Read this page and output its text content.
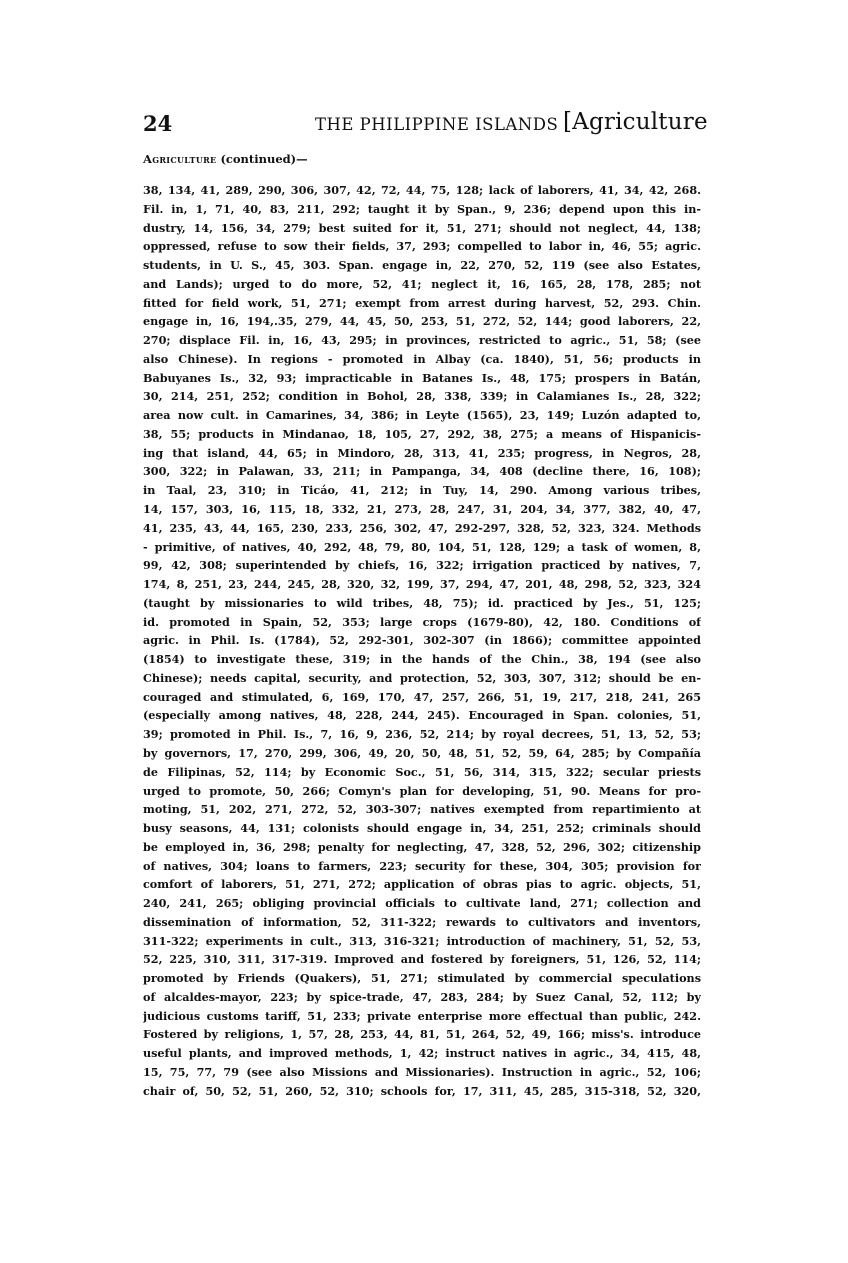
24	THE PHILIPPINE ISLANDS [Agriculture
Agriculture (continued)—
38, 134, 41, 289, 290, 306, 307, 42, 72, 44, 75, 128; lack of laborers, 41, 34, 42, 268.
Fil. in, 1, 71, 40, 83, 211, 292; taught it by Span., 9, 236; depend upon this in-
dustry, 14, 156, 34, 279; best suited for it, 51, 271; should not neglect, 44, 138;
oppressed, refuse to sow their fields, 37, 293; compelled to labor in, 46, 55; agric.
students, in U. S., 45, 303. Span. engage in, 22, 270, 52, 119 (see also Estates,
and Lands); urged to do more, 52, 41; neglect it, 16, 165, 28, 178, 285; not
fitted for field work, 51, 271; exempt from arrest during harvest, 52, 293. Chin.
engage in, 16, 194,.35, 279, 44, 45, 50, 253, 51, 272, 52, 144; good laborers, 22,
270; displace Fil. in, 16, 43, 295; in provinces, restricted to agric., 51, 58; (see
also Chinese). In regions - promoted in Albay (ca. 1840), 51, 56; products in
Babuyanes Is., 32, 93; impracticable in Batanes Is., 48, 175; prospers in Batán,
30, 214, 251, 252; condition in Bohol, 28, 338, 339; in Calamianes Is., 28, 322;
area now cult. in Camarines, 34, 386; in Leyte (1565), 23, 149; Luzón adapted to,
38, 55; products in Mindanao, 18, 105, 27, 292, 38, 275; a means of Hispanicis-
ing that island, 44, 65; in Mindoro, 28, 313, 41, 235; progress, in Negros, 28,
300, 322; in Palawan, 33, 211; in Pampanga, 34, 408 (decline there, 16, 108);
in Taal, 23, 310; in Ticáo, 41, 212; in Tuy, 14, 290. Among various tribes,
14, 157, 303, 16, 115, 18, 332, 21, 273, 28, 247, 31, 204, 34, 377, 382, 40, 47,
41, 235, 43, 44, 165, 230, 233, 256, 302, 47, 292-297, 328, 52, 323, 324. Methods
- primitive, of natives, 40, 292, 48, 79, 80, 104, 51, 128, 129; a task of women, 8,
99, 42, 308; superintended by chiefs, 16, 322; irrigation practiced by natives, 7,
174, 8, 251, 23, 244, 245, 28, 320, 32, 199, 37, 294, 47, 201, 48, 298, 52, 323, 324
(taught by missionaries to wild tribes, 48, 75); id. practiced by Jes., 51, 125;
id. promoted in Spain, 52, 353; large crops (1679-80), 42, 180. Conditions of
agric. in Phil. Is. (1784), 52, 292-301, 302-307 (in 1866); committee appointed
(1854) to investigate these, 319; in the hands of the Chin., 38, 194 (see also
Chinese); needs capital, security, and protection, 52, 303, 307, 312; should be en-
couraged and stimulated, 6, 169, 170, 47, 257, 266, 51, 19, 217, 218, 241, 265
(especially among natives, 48, 228, 244, 245). Encouraged in Span. colonies, 51,
39; promoted in Phil. Is., 7, 16, 9, 236, 52, 214; by royal decrees, 51, 13, 52, 53;
by governors, 17, 270, 299, 306, 49, 20, 50, 48, 51, 52, 59, 64, 285; by Compañía
de Filipinas, 52, 114; by Economic Soc., 51, 56, 314, 315, 322; secular priests
urged to promote, 50, 266; Comyn's plan for developing, 51, 90. Means for pro-
moting, 51, 202, 271, 272, 52, 303-307; natives exempted from repartimiento at
busy seasons, 44, 131; colonists should engage in, 34, 251, 252; criminals should
be employed in, 36, 298; penalty for neglecting, 47, 328, 52, 296, 302; citizenship
of natives, 304; loans to farmers, 223; security for these, 304, 305; provision for
comfort of laborers, 51, 271, 272; application of obras pias to agric. objects, 51,
240, 241, 265; obliging provincial officials to cultivate land, 271; collection and
dissemination of information, 52, 311-322; rewards to cultivators and inventors,
311-322; experiments in cult., 313, 316-321; introduction of machinery, 51, 52, 53,
52, 225, 310, 311, 317-319. Improved and fostered by foreigners, 51, 126, 52, 114;
promoted by Friends (Quakers), 51, 271; stimulated by commercial speculations
of alcaldes-mayor, 223; by spice-trade, 47, 283, 284; by Suez Canal, 52, 112; by
judicious customs tariff, 51, 233; private enterprise more effectual than public, 242.
Fostered by religions, 1, 57, 28, 253, 44, 81, 51, 264, 52, 49, 166; miss's. introduce
useful plants, and improved methods, 1, 42; instruct natives in agric., 34, 415, 48,
15, 75, 77, 79 (see also Missions and Missionaries). Instruction in agric., 52, 106;
chair of, 50, 52, 51, 260, 52, 310; schools for, 17, 311, 45, 285, 315-318, 52, 320,
